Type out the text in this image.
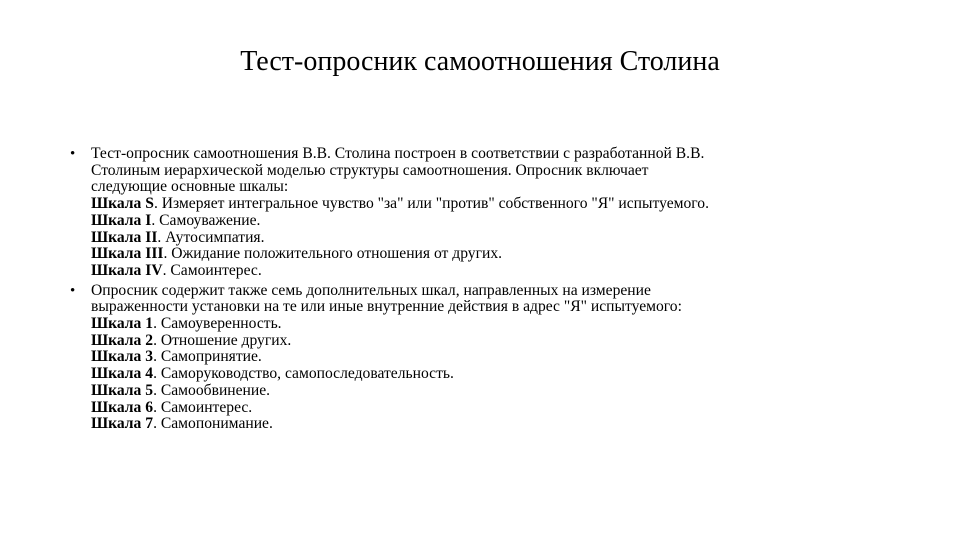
Тест-опросник самоотношения Столина
• Тест-опросник самоотношения В.В. Столина построен в соответствии с разработанной В.В.
Столиным иерархической моделью структуры самоотношения. Опросник включает
следующие основные шкалы:
Шкала S. Измеряет интегральное чувство "за" или "против" собственного "Я" испытуемого.
Шкала I. Самоуважение.
Шкала II. Аутосимпатия.
Шкала III. Ожидание положительного отношения от других.
Шкала IV. Самоинтерес.
• Опросник содержит также семь дополнительных шкал, направленных на измерение
выраженности установки на те или иные внутренние действия в адрес "Я" испытуемого:
Шкала 1. Самоуверенность.
Шкала 2. Отношение других.
Шкала 3. Самопринятие.
Шкала 4. Саморуководство, самопоследовательность.
Шкала 5. Самообвинение.
Шкала 6. Самоинтерес.
Шкала 7. Самопонимание.
